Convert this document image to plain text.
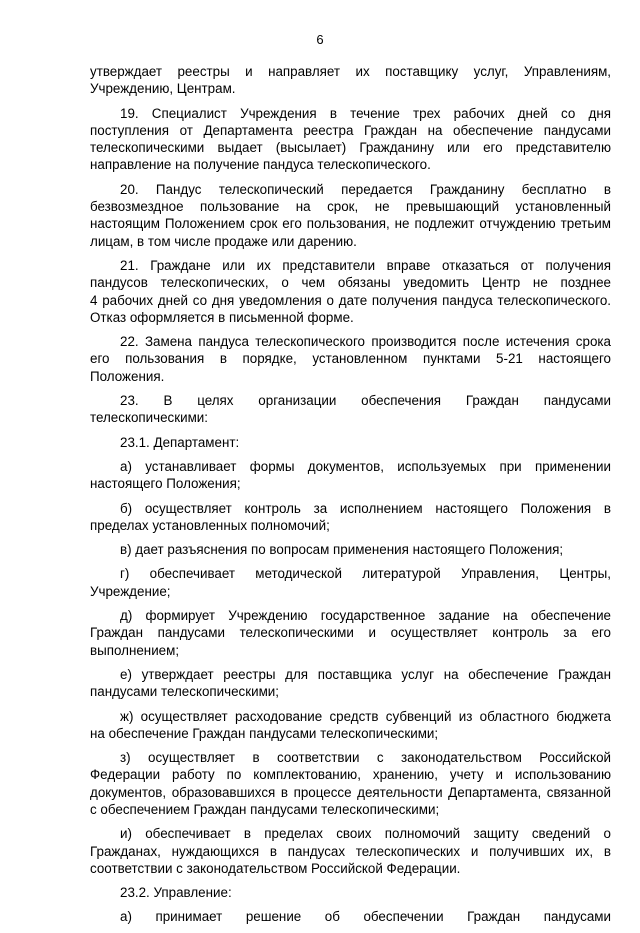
6
утверждает реестры и направляет их поставщику услуг, Управлениям,
Учреждению, Центрам.
19. Специалист Учреждения в течение трех рабочих дней со дня
поступления от Департамента реестра Граждан на обеспечение пандусами
телескопическими выдает (высылает) Гражданину или его представителю
направление на получение пандуса телескопического.
20. Пандус телескопический передается Гражданину бесплатно в
безвозмездное пользование на срок, не превышающий установленный
настоящим Положением срок его пользования, не подлежит отчуждению третьим
лицам, в том числе продаже или дарению.
21. Граждане или их представители вправе отказаться от получения
пандусов телескопических, о чем обязаны уведомить Центр не позднее
4 рабочих дней со дня уведомления о дате получения пандуса телескопического.
Отказ оформляется в письменной форме.
22. Замена пандуса телескопического производится после истечения срока
его пользования в порядке, установленном пунктами 5-21 настоящего
Положения.
23. В целях организации обеспечения Граждан пандусами
телескопическими:
23.1. Департамент:
а) устанавливает формы документов, используемых при применении
настоящего Положения;
б) осуществляет контроль за исполнением настоящего Положения в
пределах установленных полномочий;
в) дает разъяснения по вопросам применения настоящего Положения;
г) обеспечивает методической литературой Управления, Центры,
Учреждение;
д) формирует Учреждению государственное задание на обеспечение
Граждан пандусами телескопическими и осуществляет контроль за его
выполнением;
е) утверждает реестры для поставщика услуг на обеспечение Граждан
пандусами телескопическими;
ж) осуществляет расходование средств субвенций из областного бюджета
на обеспечение Граждан пандусами телескопическими;
з) осуществляет в соответствии с законодательством Российской
Федерации работу по комплектованию, хранению, учету и использованию
документов, образовавшихся в процессе деятельности Департамента, связанной
с обеспечением Граждан пандусами телескопическими;
и) обеспечивает в пределах своих полномочий защиту сведений о
Гражданах, нуждающихся в пандусах телескопических и получивших их, в
соответствии с законодательством Российской Федерации.
23.2. Управление:
а) принимает решение об обеспечении Граждан пандусами
